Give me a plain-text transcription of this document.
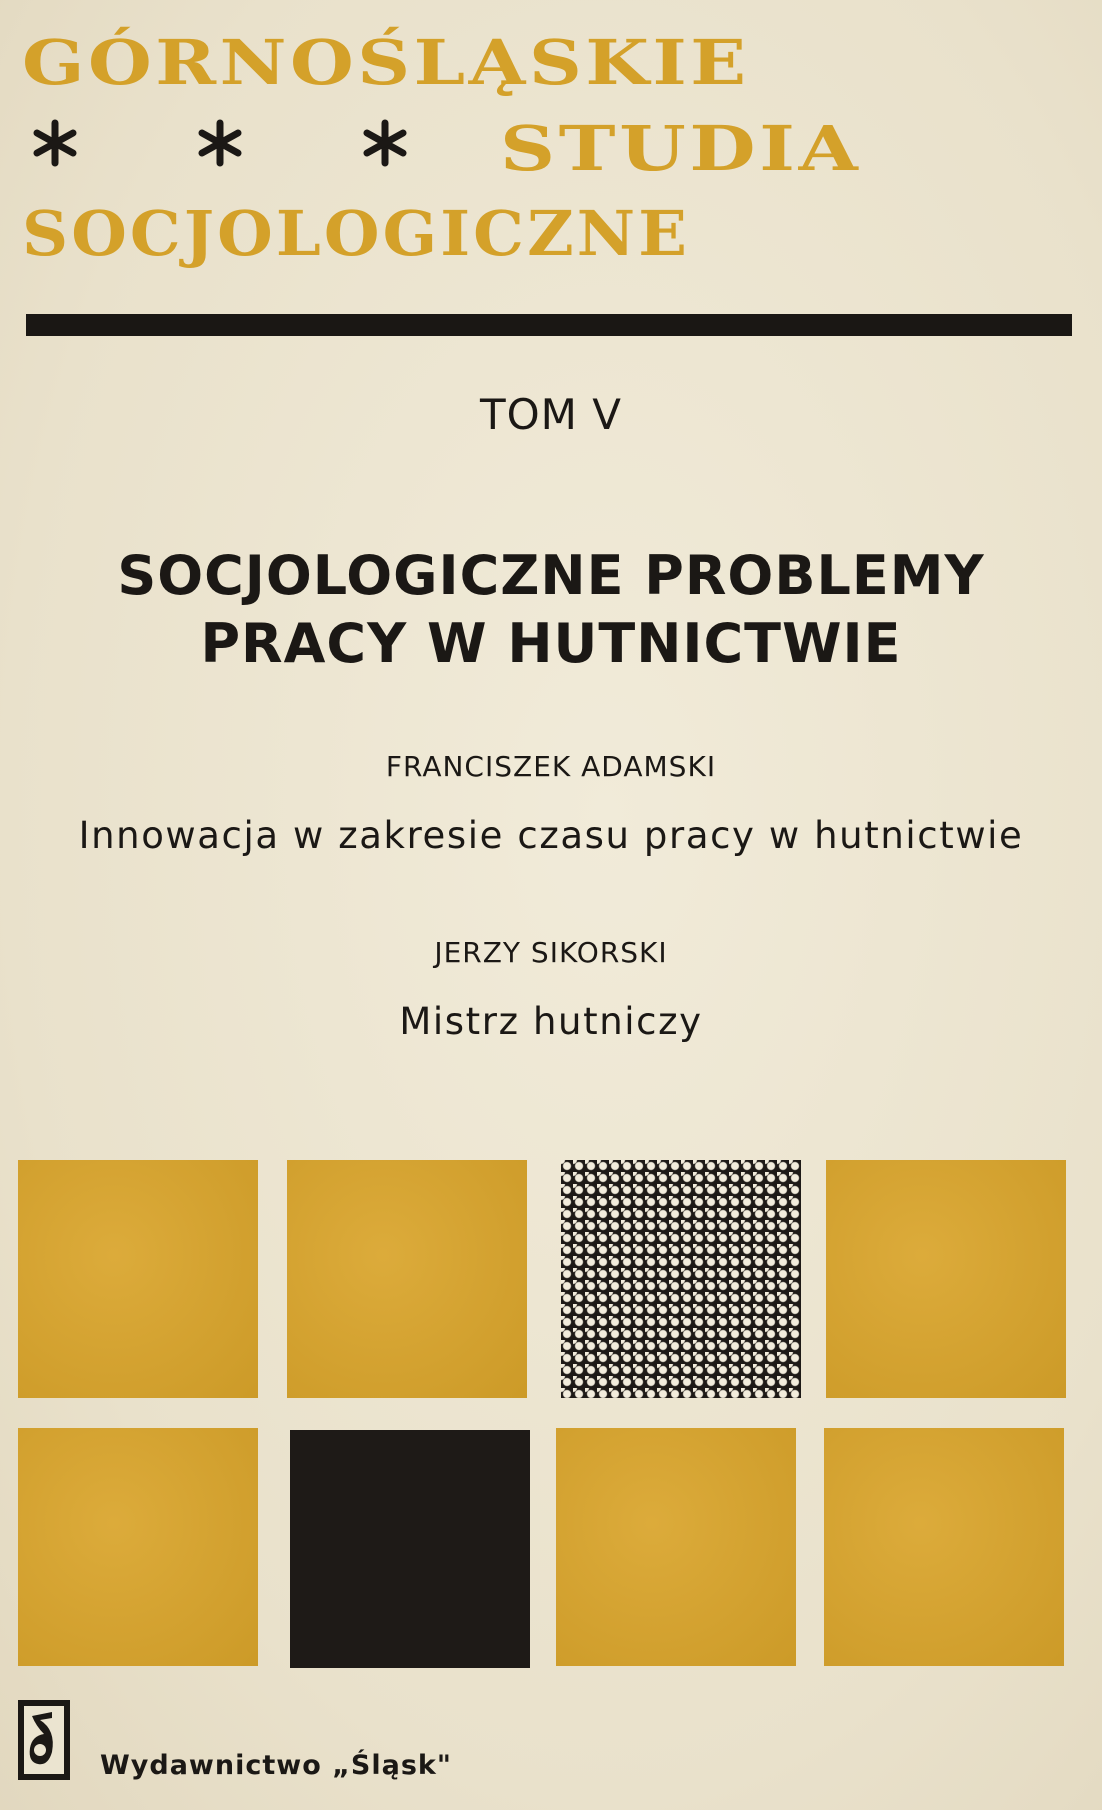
GÓRNOŚLĄSKIE
STUDIA
SOCJOLOGICZNE
TOM V
SOCJOLOGICZNE PROBLEMY
PRACY W HUTNICTWIE
FRANCISZEK ADAMSKI
Innowacja w zakresie czasu pracy w hutnictwie
JERZY SIKORSKI
Mistrz hutniczy
Wydawnictwo „Śląsk"
